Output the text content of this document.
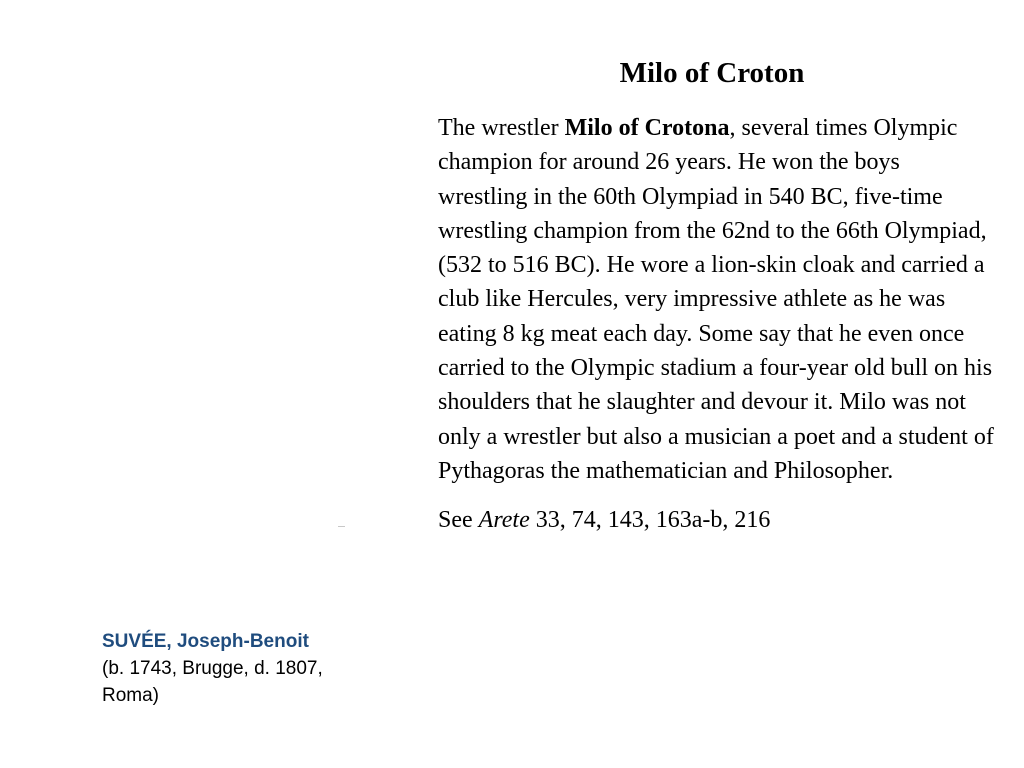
Milo of Croton

The wrestler Milo of Crotona, several times Olympic champion for around 26 years. He won the boys wrestling in the 60th Olympiad in 540 BC, five-time wrestling champion from the 62nd to the 66th Olympiad, (532 to 516 BC). He wore a lion-skin cloak and carried a club like Hercules, very impressive athlete as he was eating 8 kg meat each day. Some say that he even once carried to the Olympic stadium a four-year old bull on his shoulders that he slaughter and devour it. Milo was not only a wrestler but also a musician a poet and a student of Pythagoras the mathematician and Philosopher.

See Arete 33, 74, 143, 163a-b, 216

SUVÉE, Joseph-Benoit
(b. 1743, Brugge, d. 1807, Roma)
